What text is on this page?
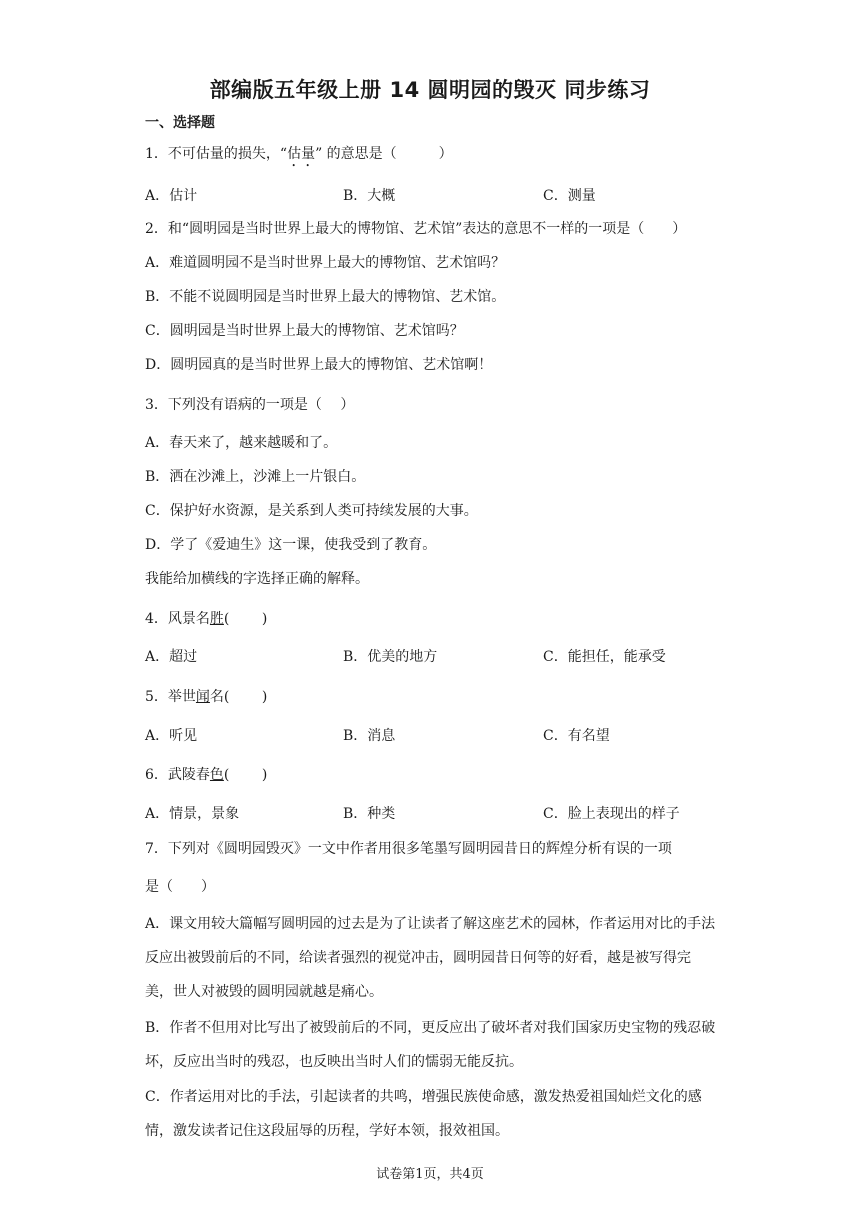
部编版五年级上册 14 圆明园的毁灭 同步练习
一、选择题
1．不可估量的损失，“估量” 的意思是（　　　）
A．估计	B．大概	C．测量
2．和“圆明园是当时世界上最大的博物馆、艺术馆”表达的意思不一样的一项是（　　）
A．难道圆明园不是当时世界上最大的博物馆、艺术馆吗？
B．不能不说圆明园是当时世界上最大的博物馆、艺术馆。
C．圆明园是当时世界上最大的博物馆、艺术馆吗？
D．圆明园真的是当时世界上最大的博物馆、艺术馆啊！
3．下列没有语病的一项是（　 ）
A．春天来了，越来越暖和了。
B．洒在沙滩上，沙滩上一片银白。
C．保护好水资源，是关系到人类可持续发展的大事。
D．学了《爱迪生》这一课，使我受到了教育。
我能给加横线的字选择正确的解释。
4．风景名胜(　　 )
A．超过	B．优美的地方	C．能担任，能承受
5．举世闻名(　　 )
A．听见	B．消息	C．有名望
6．武陵春色(　　 )
A．情景，景象	B．种类	C．脸上表现出的样子
7．下列对《圆明园毁灭》一文中作者用很多笔墨写圆明园昔日的辉煌分析有误的一项
是（　　）
A．课文用较大篇幅写圆明园的过去是为了让读者了解这座艺术的园林，作者运用对比的手法反应出被毁前后的不同，给读者强烈的视觉冲击，圆明园昔日何等的好看，越是被写得完美，世人对被毁的圆明园就越是痛心。
B．作者不但用对比写出了被毁前后的不同，更反应出了破坏者对我们国家历史宝物的残忍破坏，反应出当时的残忍，也反映出当时人们的懦弱无能反抗。
C．作者运用对比的手法，引起读者的共鸣，增强民族使命感，激发热爱祖国灿烂文化的感情，激发读者记住这段屈辱的历程，学好本领，报效祖国。
试卷第1页，共4页
